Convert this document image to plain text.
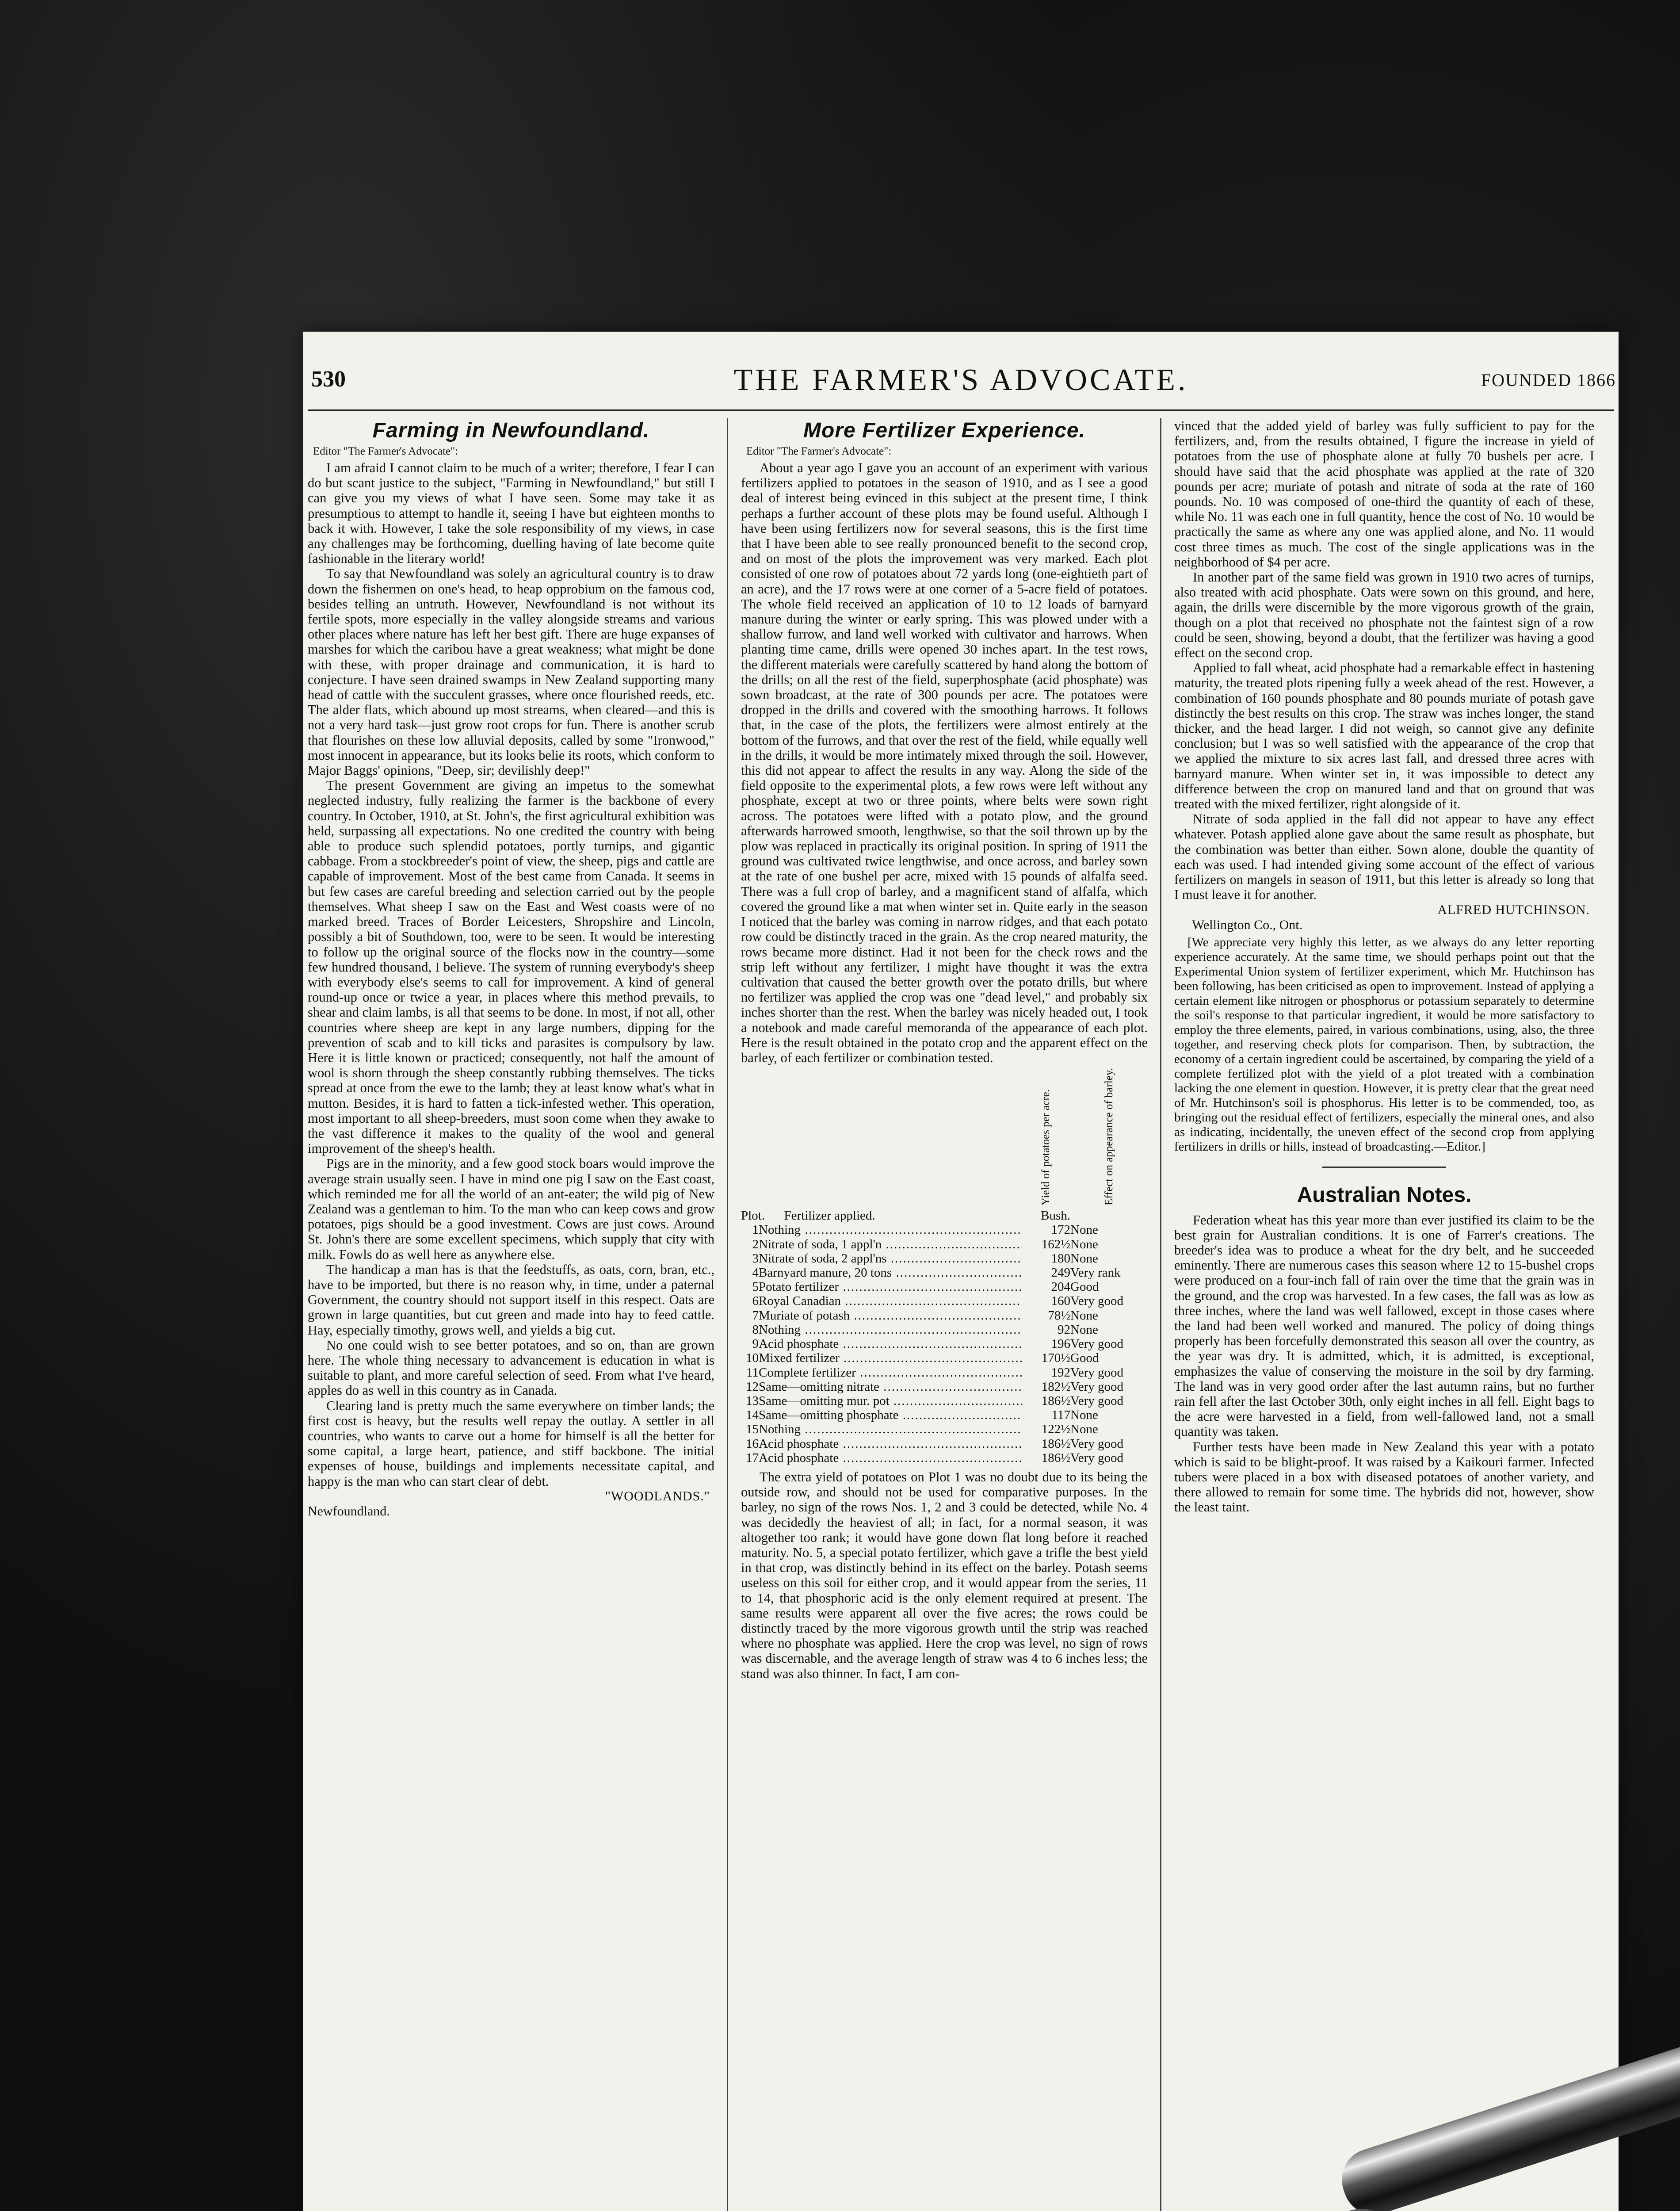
530	THE FARMER'S ADVOCATE.	FOUNDED 1866
Farming in Newfoundland.
Editor "The Farmer's Advocate":

I am afraid I cannot claim to be much of a writer; therefore, I fear I can do but scant justice to the subject, "Farming in Newfoundland," but still I can give you my views of what I have seen. Some may take it as presumptious to attempt to handle it, seeing I have but eighteen months to back it with. However, I take the sole responsibility of my views, in case any challenges may be forthcoming, duelling having of late become quite fashionable in the literary world!

To say that Newfoundland was solely an agricultural country is to draw down the fishermen on one's head, to heap opprobium on the famous cod, besides telling an untruth. However, Newfoundland is not without its fertile spots, more especially in the valley alongside streams and various other places where nature has left her best gift. There are huge expanses of marshes for which the caribou have a great weakness; what might be done with these, with proper drainage and communication, it is hard to conjecture. I have seen drained swamps in New Zealand supporting many head of cattle with the succulent grasses, where once flourished reeds, etc. The alder flats, which abound up most streams, when cleared—and this is not a very hard task—just grow root crops for fun. There is another scrub that flourishes on these low alluvial deposits, called by some "Ironwood," most innocent in appearance, but its looks belie its roots, which conform to Major Baggs' opinions, "Deep, sir; devilishly deep!"

The present Government are giving an impetus to the somewhat neglected industry, fully realizing the farmer is the backbone of every country. In October, 1910, at St. John's, the first agricultural exhibition was held, surpassing all expectations. No one credited the country with being able to produce such splendid potatoes, portly turnips, and gigantic cabbage. From a stockbreeder's point of view, the sheep, pigs and cattle are capable of improvement. Most of the best came from Canada. It seems in but few cases are careful breeding and selection carried out by the people themselves. What sheep I saw on the East and West coasts were of no marked breed. Traces of Border Leicesters, Shropshire and Lincoln, possibly a bit of Southdown, too, were to be seen. It would be interesting to follow up the original source of the flocks now in the country—some few hundred thousand, I believe. The system of running everybody's sheep with everybody else's seems to call for improvement. A kind of general round-up once or twice a year, in places where this method prevails, to shear and claim lambs, is all that seems to be done. In most, if not all, other countries where sheep are kept in any large numbers, dipping for the prevention of scab and to kill ticks and parasites is compulsory by law. Here it is little known or practiced; consequently, not half the amount of wool is shorn through the sheep constantly rubbing themselves. The ticks spread at once from the ewe to the lamb; they at least know what's what in mutton. Besides, it is hard to fatten a tick-infested wether. This operation, most important to all sheep-breeders, must soon come when they awake to the vast difference it makes to the quality of the wool and general improvement of the sheep's health.

Pigs are in the minority, and a few good stock boars would improve the average strain usually seen. I have in mind one pig I saw on the East coast, which reminded me for all the world of an ant-eater; the wild pig of New Zealand was a gentleman to him. To the man who can keep cows and grow potatoes, pigs should be a good investment. Cows are just cows. Around St. John's there are some excellent specimens, which supply that city with milk. Fowls do as well here as anywhere else.

The handicap a man has is that the feedstuffs, as oats, corn, bran, etc., have to be imported, but there is no reason why, in time, under a paternal Government, the country should not support itself in this respect. Oats are grown in large quantities, but cut green and made into hay to feed cattle. Hay, especially timothy, grows well, and yields a big cut.

No one could wish to see better potatoes, and so on, than are grown here. The whole thing necessary to advancement is education in what is suitable to plant, and more careful selection of seed. From what I've heard, apples do as well in this country as in Canada.

Clearing land is pretty much the same everywhere on timber lands; the first cost is heavy, but the results well repay the outlay. A settler in all countries, who wants to carve out a home for himself is all the better for some capital, a large heart, patience, and stiff backbone. The initial expenses of house, buildings and implements necessitate capital, and happy is the man who can start clear of debt.

"WOODLANDS."
Newfoundland.
More Fertilizer Experience.
Editor "The Farmer's Advocate":

About a year ago I gave you an account of an experiment with various fertilizers applied to potatoes in the season of 1910, and as I see a good deal of interest being evinced in this subject at the present time, I think perhaps a further account of these plots may be found useful. Although I have been using fertilizers now for several seasons, this is the first time that I have been able to see really pronounced benefit to the second crop, and on most of the plots the improvement was very marked. Each plot consisted of one row of potatoes about 72 yards long (one-eightieth part of an acre), and the 17 rows were at one corner of a 5-acre field of potatoes. The whole field received an application of 10 to 12 loads of barnyard manure during the winter or early spring. This was plowed under with a shallow furrow, and land well worked with cultivator and harrows. When planting time came, drills were opened 30 inches apart. In the test rows, the different materials were carefully scattered by hand along the bottom of the drills; on all the rest of the field, superphosphate (acid phosphate) was sown broadcast, at the rate of 300 pounds per acre. The potatoes were dropped in the drills and covered with the smoothing harrows. It follows that, in the case of the plots, the fertilizers were almost entirely at the bottom of the furrows, and that over the rest of the field, while equally well in the drills, it would be more intimately mixed through the soil. However, this did not appear to affect the results in any way. Along the side of the field opposite to the experimental plots, a few rows were left without any phosphate, except at two or three points, where belts were sown right across. The potatoes were lifted with a potato plow, and the ground afterwards harrowed smooth, lengthwise, so that the soil thrown up by the plow was replaced in practically its original position. In spring of 1911 the ground was cultivated twice lengthwise, and once across, and barley sown at the rate of one bushel per acre, mixed with 15 pounds of alfalfa seed. There was a full crop of barley, and a magnificent stand of alfalfa, which covered the ground like a mat when winter set in. Quite early in the season I noticed that the barley was coming in narrow ridges, and that each potato row could be distinctly traced in the grain. As the crop neared maturity, the rows became more distinct. Had it not been for the check rows and the strip left without any fertilizer, I might have thought it was the extra cultivation that caused the better growth over the potato drills, but where no fertilizer was applied the crop was one "dead level," and probably six inches shorter than the rest. When the barley was nicely headed out, I took a notebook and made careful memoranda of the appearance of each plot. Here is the result obtained in the potato crop and the apparent effect on the barley, of each fertilizer or combination tested.

		Yield of potatoes per acre.	Effect on appearance of barley.
Plot. Fertilizer applied.		Bush.	
1	Nothing .....	172	None
2	Nitrate of soda, 1 appl'n .....	162½	None
3	Nitrate of soda, 2 appl'ns .....	180	None
4	Barnyard manure, 20 tons .....	249	Very rank
5	Potato fertilizer .....	204	Good
6	Royal Canadian .....	160	Very good
7	Muriate of potash .....	78½	None
8	Nothing .....	92	None
9	Acid phosphate .....	196	Very good
10	Mixed fertilizer .....	170½	Good
11	Complete fertilizer .....	192	Very good
12	Same—omitting nitrate .....	182½	Very good
13	Same—omitting mur. pot .....	186½	Very good
14	Same—omitting phosphate .....	117	None
15	Nothing .....	122½	None
16	Acid phosphate .....	186½	Very good
17	Acid phosphate .....	186½	Very good

The extra yield of potatoes on Plot 1 was no doubt due to its being the outside row, and should not be used for comparative purposes. In the barley, no sign of the rows Nos. 1, 2 and 3 could be detected, while No. 4 was decidedly the heaviest of all; in fact, for a normal season, it was altogether too rank; it would have gone down flat long before it reached maturity. No. 5, a special potato fertilizer, which gave a trifle the best yield in that crop, was distinctly behind in its effect on the barley. Potash seems useless on this soil for either crop, and it would appear from the series, 11 to 14, that phosphoric acid is the only element required at present. The same results were apparent all over the five acres; the rows could be distinctly traced by the more vigorous growth until the strip was reached where no phosphate was applied. Here the crop was level, no sign of rows was discernable, and the average length of straw was 4 to 6 inches less; the stand was also thinner. In fact, I am con-

vinced that the added yield of barley was fully sufficient to pay for the fertilizers, and, from the results obtained, I figure the increase in yield of potatoes from the use of phosphate alone at fully 70 bushels per acre. I should have said that the acid phosphate was applied at the rate of 320 pounds per acre; muriate of potash and nitrate of soda at the rate of 160 pounds. No. 10 was composed of one-third the quantity of each of these, while No. 11 was each one in full quantity, hence the cost of No. 10 would be practically the same as where any one was applied alone, and No. 11 would cost three times as much. The cost of the single applications was in the neighborhood of $4 per acre.

In another part of the same field was grown in 1910 two acres of turnips, also treated with acid phosphate. Oats were sown on this ground, and here, again, the drills were discernible by the more vigorous growth of the grain, though on a plot that received no phosphate not the faintest sign of a row could be seen, showing, beyond a doubt, that the fertilizer was having a good effect on the second crop.

Applied to fall wheat, acid phosphate had a remarkable effect in hastening maturity, the treated plots ripening fully a week ahead of the rest. However, a combination of 160 pounds phosphate and 80 pounds muriate of potash gave distinctly the best results on this crop. The straw was inches longer, the stand thicker, and the head larger. I did not weigh, so cannot give any definite conclusion; but I was so well satisfied with the appearance of the crop that we applied the mixture to six acres last fall, and dressed three acres with barnyard manure. When winter set in, it was impossible to detect any difference between the crop on manured land and that on ground that was treated with the mixed fertilizer, right alongside of it.

Nitrate of soda applied in the fall did not appear to have any effect whatever. Potash applied alone gave about the same result as phosphate, but the combination was better than either. Sown alone, double the quantity of each was used. I had intended giving some account of the effect of various fertilizers on mangels in season of 1911, but this letter is already so long that I must leave it for another.

ALFRED HUTCHINSON.
Wellington Co., Ont.

[We appreciate very highly this letter, as we always do any letter reporting experience accurately. At the same time, we should perhaps point out that the Experimental Union system of fertilizer experiment, which Mr. Hutchinson has been following, has been criticised as open to improvement. Instead of applying a certain element like nitrogen or phosphorus or potassium separately to determine the soil's response to that particular ingredient, it would be more satisfactory to employ the three elements, paired, in various combinations, using, also, the three together, and reserving check plots for comparison. Then, by subtraction, the economy of a certain ingredient could be ascertained, by comparing the yield of a complete fertilized plot with the yield of a plot treated with a combination lacking the one element in question. However, it is pretty clear that the great need of Mr. Hutchinson's soil is phosphorus. His letter is to be commended, too, as bringing out the residual effect of fertilizers, especially the mineral ones, and also as indicating, incidentally, the uneven effect of the second crop from applying fertilizers in drills or hills, instead of broadcasting.—Editor.]

Australian Notes.

Federation wheat has this year more than ever justified its claim to be the best grain for Australian conditions. It is one of Farrer's creations. The breeder's idea was to produce a wheat for the dry belt, and he succeeded eminently. There are numerous cases this season where 12 to 15-bushel crops were produced on a four-inch fall of rain over the time that the grain was in the ground, and the crop was harvested. In a few cases, the fall was as low as three inches, where the land was well fallowed, except in those cases where the land had been well worked and manured. The policy of doing things properly has been forcefully demonstrated this season all over the country, as the year was dry. It is admitted, which, it is admitted, is exceptional, emphasizes the value of conserving the moisture in the soil by dry farming. The land was in very good order after the last autumn rains, but no further rain fell after the last October 30th, only eight inches in all fell. Eight bags to the acre were harvested in a field, from well-fallowed land, not a small quantity was taken.

Further tests have been made in New Zealand this year with a potato which is said to be blight-proof. It was raised by a Kaikouri farmer. Infected tubers were placed in a box with diseased potatoes of another variety, and there allowed to remain for some time. The hybrids did not, however, show the least taint.
